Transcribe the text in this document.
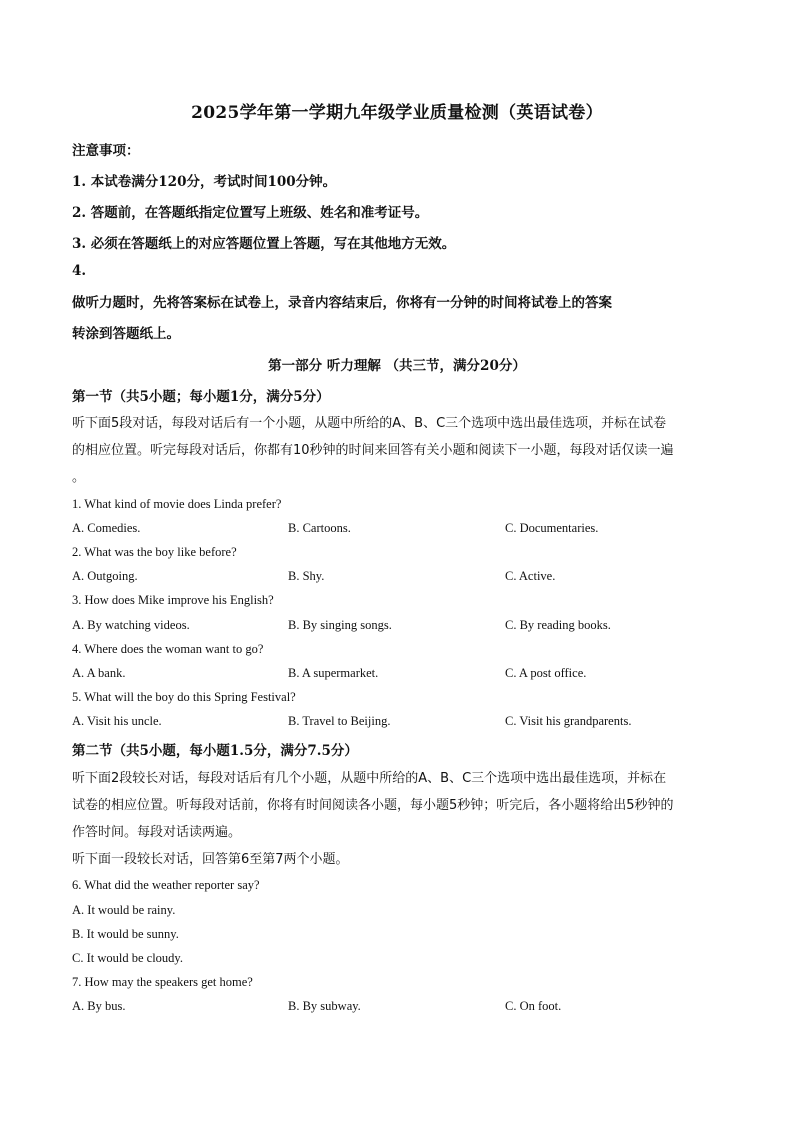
2025学年第一学期九年级学业质量检测（英语试卷）
注意事项：
1. 本试卷满分120分，考试时间100分钟。
2. 答题前，在答题纸指定位置写上班级、姓名和准考证号。
3. 必须在答题纸上的对应答题位置上答题，写在其他地方无效。
4.
做听力题时，先将答案标在试卷上，录音内容结束后，你将有一分钟的时间将试卷上的答案
转涂到答题纸上。
第一部分 听力理解 （共三节，满分20分）
第一节（共5小题；每小题1分，满分5分）
听下面5段对话，每段对话后有一个小题，从题中所给的A、B、C三个选项中选出最佳选项，并标在试卷
的相应位置。听完每段对话后，你都有10秒钟的时间来回答有关小题和阅读下一小题，每段对话仅读一遍
。
1. What kind of movie does Linda prefer?
A. Comedies.	B. Cartoons.	C. Documentaries.
2. What was the boy like before?
A. Outgoing.	B. Shy.	C. Active.
3. How does Mike improve his English?
A. By watching videos.	B. By singing songs.	C. By reading books.
4. Where does the woman want to go?
A. A bank.	B. A supermarket.	C. A post office.
5. What will the boy do this Spring Festival?
A. Visit his uncle.	B. Travel to Beijing.	C. Visit his grandparents.
第二节（共5小题，每小题1.5分，满分7.5分）
听下面2段较长对话，每段对话后有几个小题，从题中所给的A、B、C三个选项中选出最佳选项，并标在
试卷的相应位置。听每段对话前，你将有时间阅读各小题，每小题5秒钟；听完后，各小题将给出5秒钟的
作答时间。每段对话读两遍。
听下面一段较长对话，回答第6至第7两个小题。
6. What did the weather reporter say?
A. It would be rainy.
B. It would be sunny.
C. It would be cloudy.
7. How may the speakers get home?
A. By bus.	B. By subway.	C. On foot.
